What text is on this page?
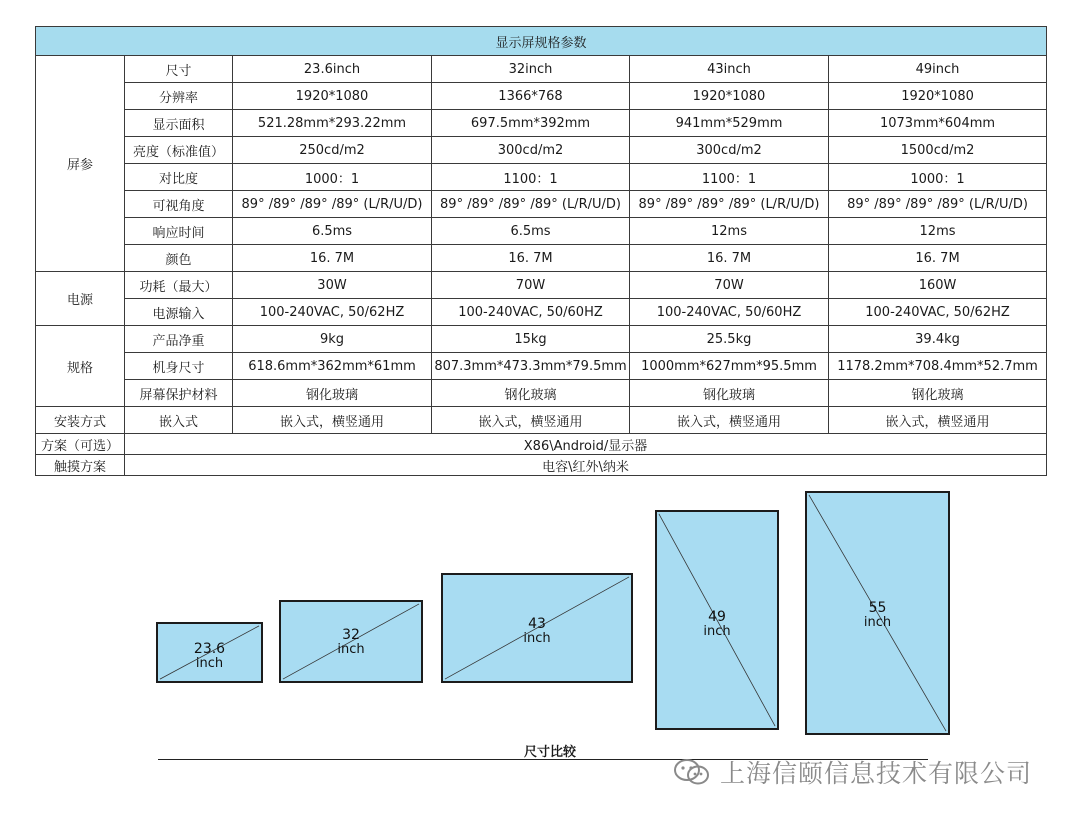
显示屏规格参数					
屏参	尺寸	23.6inch	32inch	43inch	49inch
	分辨率	1920*1080	1366*768	1920*1080	1920*1080
	显示面积	521.28mm*293.22mm	697.5mm*392mm	941mm*529mm	1073mm*604mm
	亮度（标准值）	250cd/m2	300cd/m2	300cd/m2	1500cd/m2
	对比度	1000：1	1100：1	1100：1	1000：1
	可视角度	89° /89° /89° /89° (L/R/U/D)	89° /89° /89° /89° (L/R/U/D)	89° /89° /89° /89° (L/R/U/D)	89° /89° /89° /89° (L/R/U/D)
	响应时间	6.5ms	6.5ms	12ms	12ms
	颜色	16. 7M	16. 7M	16. 7M	16. 7M
电源	功耗（最大）	30W	70W	70W	160W
	电源输入	100-240VAC, 50/62HZ	100-240VAC, 50/60HZ	100-240VAC, 50/60HZ	100-240VAC, 50/62HZ
规格	产品净重	9kg	15kg	25.5kg	39.4kg
	机身尺寸	618.6mm*362mm*61mm	807.3mm*473.3mm*79.5mm	1000mm*627mm*95.5mm	1178.2mm*708.4mm*52.7mm
	屏幕保护材料	钢化玻璃	钢化玻璃	钢化玻璃	钢化玻璃
安装方式	嵌入式	嵌入式，横竖通用	嵌入式，横竖通用	嵌入式，横竖通用	嵌入式，横竖通用
方案（可选）	X86\Android/显示器				
触摸方案	电容\红外\纳米				
23.6
inch
32
inch
43
inch
49
inch
55
inch
尺寸比较
上海信颐信息技术有限公司
